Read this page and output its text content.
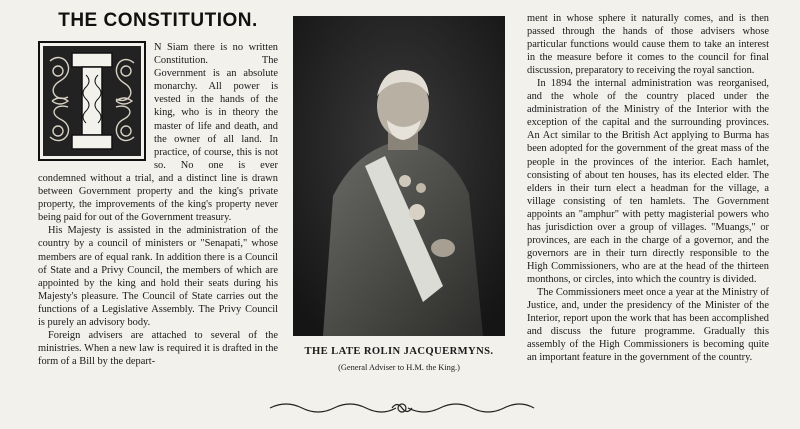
THE CONSTITUTION.

N Siam there is no written Constitution. The Government is an absolute monarchy. All power is vested in the hands of the king, who is in theory the master of life and death, and the owner of all land. In practice, of course, this is not so. No one is ever condemned without a trial, and a distinct line is drawn between Government property and the king's private property, the improvements of the king's property never being paid for out of the Government treasury.

His Majesty is assisted in the administration of the country by a council of ministers or "Senapati," whose members are of equal rank. In addition there is a Council of State and a Privy Council, the members of which are appointed by the king and hold their seats during his Majesty's pleasure. The Council of State carries out the functions of a Legislative Assembly. The Privy Council is purely an advisory body.

Foreign advisers are attached to several of the ministries. When a new law is required it is drafted in the form of a Bill by the depart-

THE LATE ROLIN JACQUERMYNS.

(General Adviser to H.M. the King.)

ment in whose sphere it naturally comes, and is then passed through the hands of those advisers whose particular functions would cause them to take an interest in the measure before it comes to the council for final discussion, preparatory to receiving the royal sanction.

In 1894 the internal administration was reorganised, and the whole of the country placed under the administration of the Ministry of the Interior with the exception of the capital and the surrounding provinces. An Act similar to the British Act applying to Burma has been adopted for the government of the great mass of the people in the provinces of the interior. Each hamlet, consisting of about ten houses, has its elected elder. The elders in their turn elect a headman for the village, a village consisting of ten hamlets. The Government appoints an "amphur" with petty magisterial powers who has jurisdiction over a group of villages. "Muangs," or provinces, are each in the charge of a governor, and the governors are in their turn directly responsible to the High Commissioners, who are at the head of the thirteen monthons, or circles, into which the country is divided.

The Commissioners meet once a year at the Ministry of Justice, and, under the presidency of the Minister of the Interior, report upon the work that has been accomplished and discuss the future programme. Gradually this assembly of the High Commissioners is becoming quite an important feature in the government of the country.
